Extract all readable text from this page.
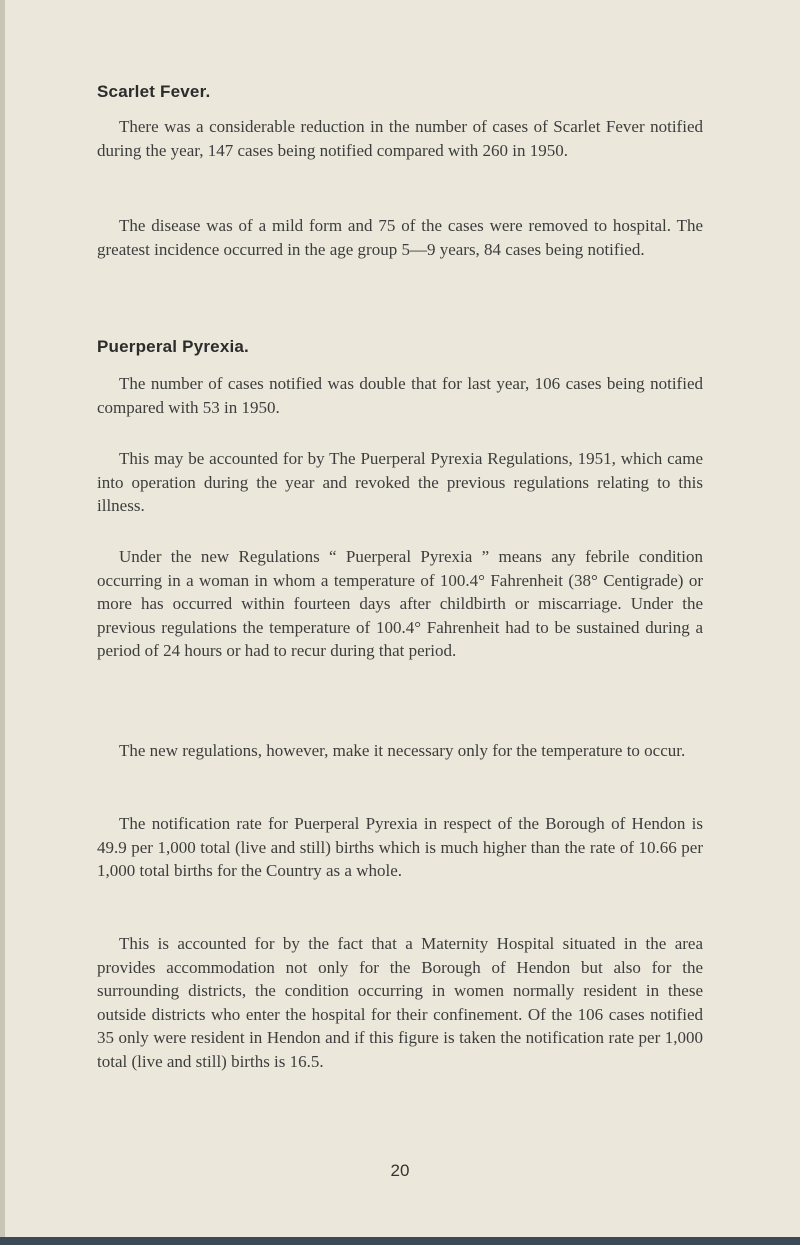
Scarlet Fever.

There was a considerable reduction in the number of cases of Scarlet Fever notified during the year, 147 cases being notified compared with 260 in 1950.

The disease was of a mild form and 75 of the cases were removed to hospital. The greatest incidence occurred in the age group 5—9 years, 84 cases being notified.

Puerperal Pyrexia.

The number of cases notified was double that for last year, 106 cases being notified compared with 53 in 1950.

This may be accounted for by The Puerperal Pyrexia Regulations, 1951, which came into operation during the year and revoked the previous regulations relating to this illness.

Under the new Regulations “ Puerperal Pyrexia ” means any febrile condition occurring in a woman in whom a temperature of 100.4° Fahrenheit (38° Centigrade) or more has occurred within fourteen days after childbirth or miscarriage. Under the previous regulations the temperature of 100.4° Fahrenheit had to be sustained during a period of 24 hours or had to recur during that period.

The new regulations, however, make it necessary only for the temperature to occur.

The notification rate for Puerperal Pyrexia in respect of the Borough of Hendon is 49.9 per 1,000 total (live and still) births which is much higher than the rate of 10.66 per 1,000 total births for the Country as a whole.

This is accounted for by the fact that a Maternity Hospital situated in the area provides accommodation not only for the Borough of Hendon but also for the surrounding districts, the condition occurring in women normally resident in these outside districts who enter the hospital for their confinement. Of the 106 cases notified 35 only were resident in Hendon and if this figure is taken the notification rate per 1,000 total (live and still) births is 16.5.

20
